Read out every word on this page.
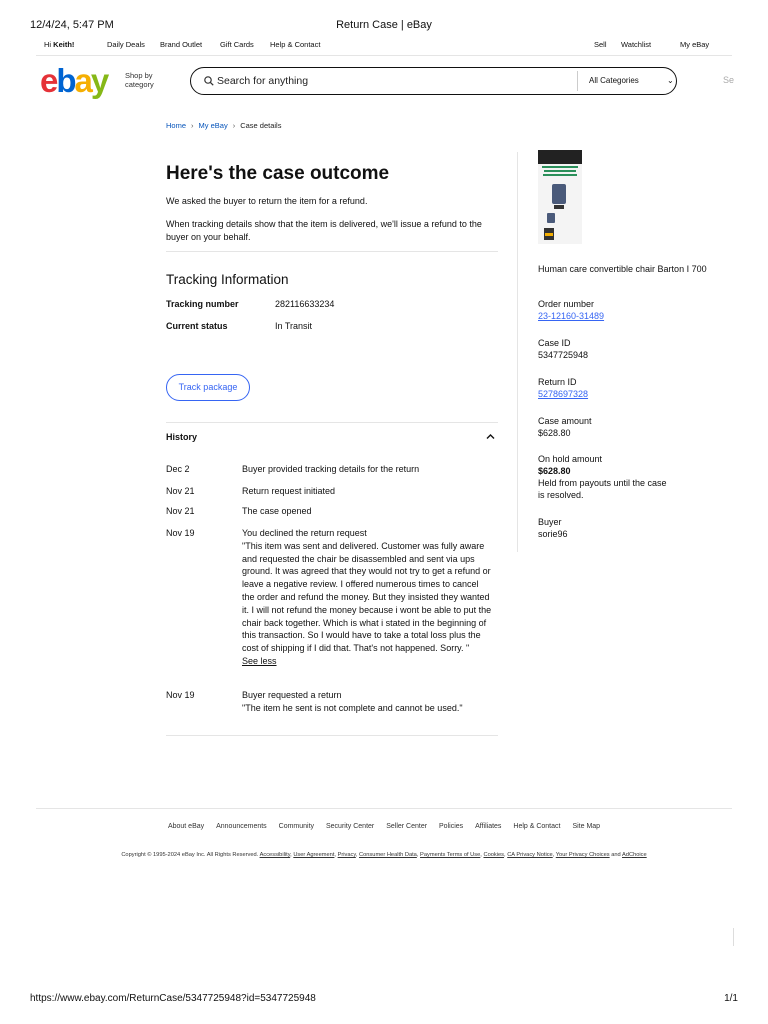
12/4/24, 5:47 PM	Return Case | eBay
Hi Keith!	Daily Deals Brand Outlet Gift Cards Help & Contact	Sell Watchlist	My eBay
ebay Shop by
category	Search for anything	All Categories	⌄	Se
Home › My eBay › Case details
Here's the case outcome
We asked the buyer to return the item for a refund.
When tracking details show that the item is delivered, we'll issue a refund to the buyer on your behalf.
Tracking Information
Tracking number	282116633234
Current status	In Transit
Track package
History
Dec 2	Buyer provided tracking details for the return
Nov 21	Return request initiated
Nov 21	The case opened
Nov 19	You declined the return request
"This item was sent and delivered. Customer was fully aware and requested the chair be disassembled and sent via ups ground. It was agreed that they would not try to get a refund or leave a negative review. I offered numerous times to cancel the order and refund the money. But they insisted they wanted it. I will not refund the money because i wont be able to put the chair back together. Which is what i stated in the beginning of this transaction. So I would have to take a total loss plus the cost of shipping if I did that. That's not happened. Sorry. "
See less
Nov 19	Buyer requested a return
"The item he sent is not complete and cannot be used."
Human care convertible chair Barton I 700
Order number
23-12160-31489
Case ID
5347725948
Return ID
5278697328
Case amount
$628.80
On hold amount
$628.80
Held from payouts until the case is resolved.
Buyer
sorie96
About eBay Announcements Community Security Center Seller Center Policies Affiliates Help & Contact Site Map
Copyright © 1995-2024 eBay Inc. All Rights Reserved. Accessibility, User Agreement, Privacy, Consumer Health Data, Payments Terms of Use, Cookies, CA Privacy Notice, Your Privacy Choices and AdChoice
https://www.ebay.com/ReturnCase/5347725948?id=5347725948	1/1
